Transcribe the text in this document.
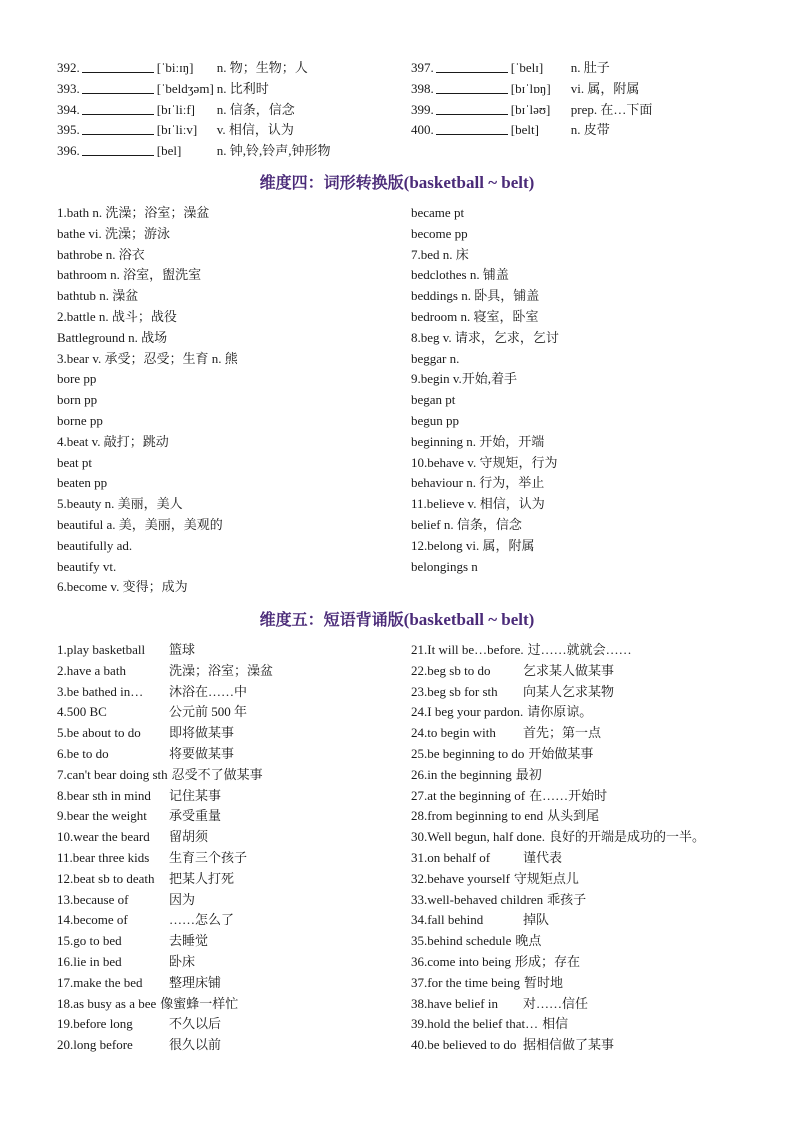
392.	[ˈbiːɪŋ] n. 物；生物；人	397.	[ˈbelɪ] n. 肚子
393.	[ˈbeldʒəm] n. 比利时	398.	[bɪˈlɒŋ] vi. 属，附属
394.	[bɪˈliːf] n. 信条，信念	399.	[bɪˈləʊ] prep. 在…下面
395.	[bɪˈliːv] v. 相信，认为	400.	[belt] n. 皮带
396.	[bel]	n. 钟,铃,铃声,钟形物
维度四：词形转换版(basketball ~ belt)
1.bath n. 洗澡；浴室；澡盆	became pt
bathe vi. 洗澡；游泳	become pp
bathrobe n. 浴衣	7.bed n. 床
bathroom n. 浴室，盥洗室	bedclothes n. 铺盖
bathtub n. 澡盆	beddings n. 卧具，铺盖
2.battle n. 战斗；战役	bedroom n. 寝室，卧室
Battleground n. 战场	8.beg v. 请求，乞求，乞讨
3.bear v. 承受；忍受；生育 n. 熊	beggar n.
bore pp	9.begin v.开始,着手
born pp	began pt
borne pp	begun pp
4.beat v. 敲打；跳动	beginning n. 开始，开端
beat pt	10.behave v. 守规矩，行为
beaten pp	behaviour n. 行为，举止
5.beauty n. 美丽，美人	11.believe v. 相信，认为
beautiful a. 美，美丽，美观的	belief n. 信条，信念
beautifully ad.	12.belong vi. 属，附属
beautify vt.	belongings n
6.become v. 变得；成为
维度五：短语背诵版(basketball ~ belt)
1.play basketball 篮球	21.It will be…before. 过……就就会……
2.have a bath	洗澡；浴室；澡盆	22.beg sb to do	乞求某人做某事
3.be bathed in… 沐浴在……中	23.beg sb for sth 向某人乞求某物
4.500 BC	公元前 500 年	24.I beg your pardon. 请你原谅。
5.be about to do 即将做某事	24.to begin with 首先；第一点
6.be to do	将要做某事	25.be beginning to do 开始做某事
7.can't bear doing sth 忍受不了做某事	26.in the beginning 最初
8.bear sth in mind 记住某事	27.at the beginning of 在……开始时
9.bear the weight 承受重量	28.from beginning to end 从头到尾
10.wear the beard 留胡须	30.Well begun, half done. 良好的开端是成功的一半。
11.bear three kids 生育三个孩子	31.on behalf of	谨代表
12.beat sb to death 把某人打死	32.behave yourself 守规矩点儿
13.because of	因为	33.well-behaved children 乖孩子
14.become of	……怎么了	34.fall behind	掉队
15.go to bed	去睡觉	35.behind schedule 晚点
16.lie in bed	卧床	36.come into being 形成；存在
17.make the bed 整理床铺	37.for the time being 暂时地
18.as busy as a bee 像蜜蜂一样忙	38.have belief in 对……信任
19.before long	不久以后	39.hold the belief that… 相信
20.long before	很久以前	40.be believed to do 据相信做了某事
